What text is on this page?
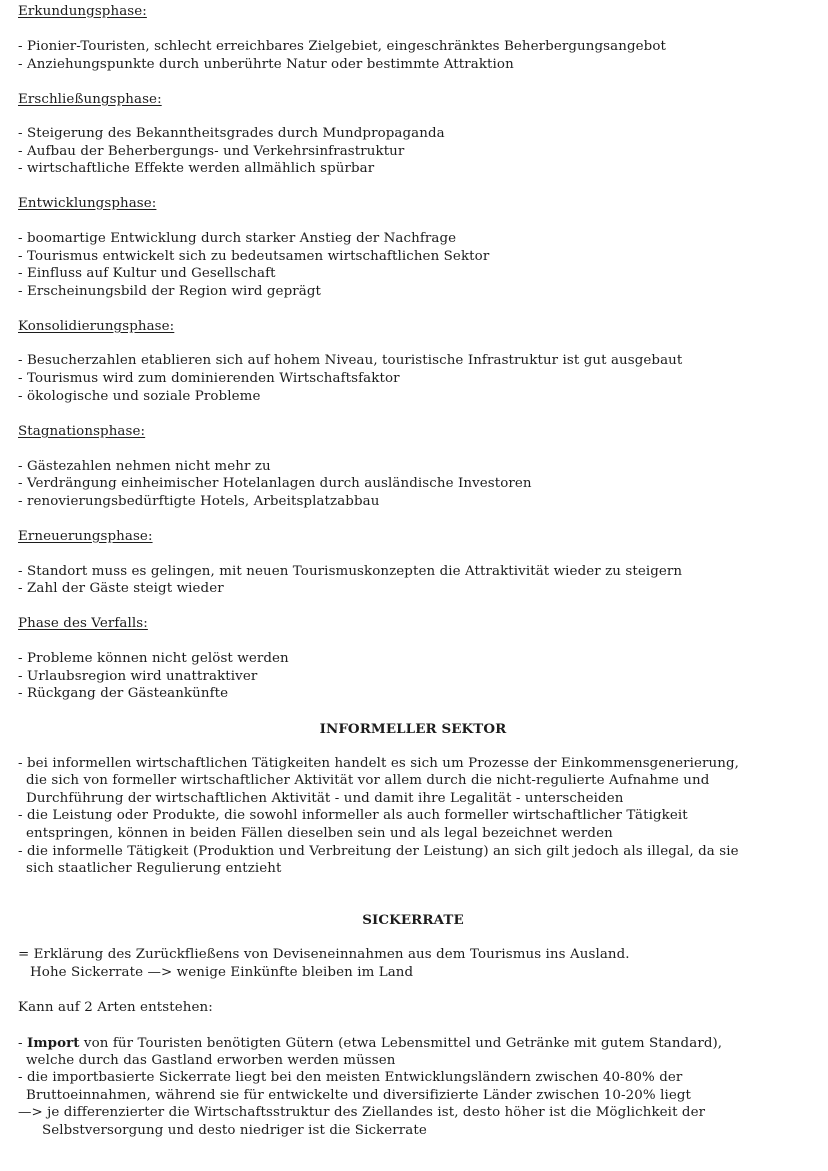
Erkundungsphase:
- Pionier-Touristen, schlecht erreichbares Zielgebiet, eingeschränktes Beherbergungsangebot
- Anziehungspunkte durch unberührte Natur oder bestimmte Attraktion
Erschließungsphase:
- Steigerung des Bekanntheitsgrades durch Mundpropaganda
- Aufbau der Beherbergungs- und Verkehrsinfrastruktur
- wirtschaftliche Effekte werden allmählich spürbar
Entwicklungsphase:
- boomartige Entwicklung durch starker Anstieg der Nachfrage
- Tourismus entwickelt sich zu bedeutsamen wirtschaftlichen Sektor
- Einfluss auf Kultur und Gesellschaft
- Erscheinungsbild der Region wird geprägt
Konsolidierungsphase:
- Besucherzahlen etablieren sich auf hohem Niveau, touristische Infrastruktur ist gut ausgebaut
- Tourismus wird zum dominierenden Wirtschaftsfaktor
- ökologische und soziale Probleme
Stagnationsphase:
- Gästezahlen nehmen nicht mehr zu
- Verdrängung einheimischer Hotelanlagen durch ausländische Investoren
- renovierungsbedürftigte Hotels, Arbeitsplatzabbau
Erneuerungsphase:
- Standort muss es gelingen, mit neuen Tourismuskonzepten die Attraktivität wieder zu steigern
- Zahl der Gäste steigt wieder
Phase des Verfalls:
- Probleme können nicht gelöst werden
- Urlaubsregion wird unattraktiver
- Rückgang der Gästeankünfte
INFORMELLER SEKTOR
- bei informellen wirtschaftlichen Tätigkeiten handelt es sich um Prozesse der Einkommensgenerierung,
die sich von formeller wirtschaftlicher Aktivität vor allem durch die nicht-regulierte Aufnahme und
Durchführung der wirtschaftlichen Aktivität - und damit ihre Legalität - unterscheiden
- die Leistung oder Produkte, die sowohl informeller als auch formeller wirtschaftlicher Tätigkeit
entspringen, können in beiden Fällen dieselben sein und als legal bezeichnet werden
- die informelle Tätigkeit (Produktion und Verbreitung der Leistung) an sich gilt jedoch als illegal, da sie
sich staatlicher Regulierung entzieht
SICKERRATE
= Erklärung des Zurückfließens von Deviseneinnahmen aus dem Tourismus ins Ausland.
Hohe Sickerrate —> wenige Einkünfte bleiben im Land
Kann auf 2 Arten entstehen:
- Import von für Touristen benötigten Gütern (etwa Lebensmittel und Getränke mit gutem Standard),
welche durch das Gastland erworben werden müssen
- die importbasierte Sickerrate liegt bei den meisten Entwicklungsländern zwischen 40-80% der
Bruttoeinnahmen, während sie für entwickelte und diversifizierte Länder zwischen 10-20% liegt
—> je differenzierter die Wirtschaftsstruktur des Ziellandes ist, desto höher ist die Möglichkeit der
Selbstversorgung und desto niedriger ist die Sickerrate
